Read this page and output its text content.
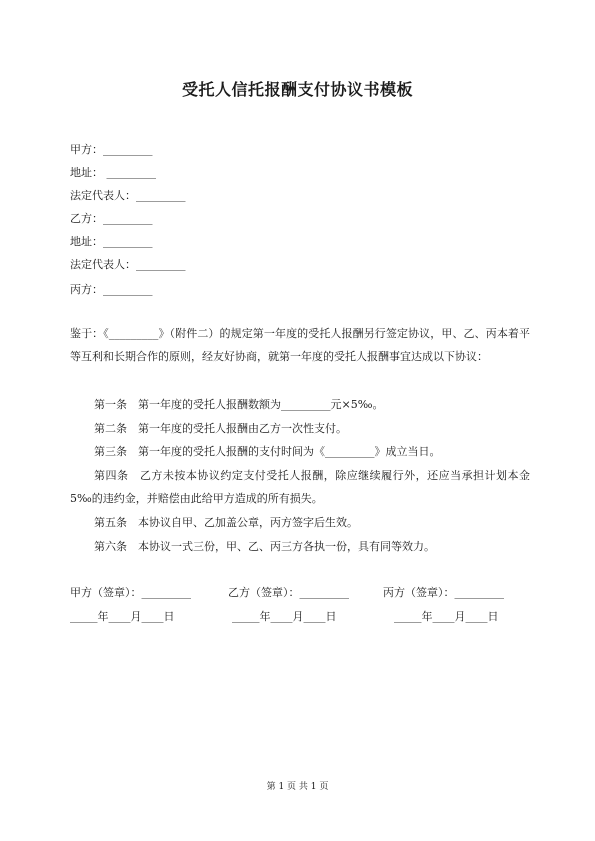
受托人信托报酬支付协议书模板
甲方：_________
地址： _________
法定代表人：_________
乙方：_________
地址：_________
法定代表人：_________
丙方：_________
鉴于：《_________》（附件二）的规定第一年度的受托人报酬另行签定协议，甲、乙、丙本着平等互利和长期合作的原则，经友好协商，就第一年度的受托人报酬事宜达成以下协议：
第一条　第一年度的受托人报酬数额为_________元×5‰。
第二条　第一年度的受托人报酬由乙方一次性支付。
第三条　第一年度的受托人报酬的支付时间为《_________》成立当日。
第四条　乙方未按本协议约定支付受托人报酬，除应继续履行外，还应当承担计划本金 5‰的违约金，并赔偿由此给甲方造成的所有损失。
第五条　本协议自甲、乙加盖公章，丙方签字后生效。
第六条　本协议一式三份，甲、乙、丙三方各执一份，具有同等效力。
甲方（签章）：_________	乙方（签章）：_________	丙方（签章）：_________
_____年____月____日	_____年____月____日	_____年____月____日
第 1 页 共 1 页
